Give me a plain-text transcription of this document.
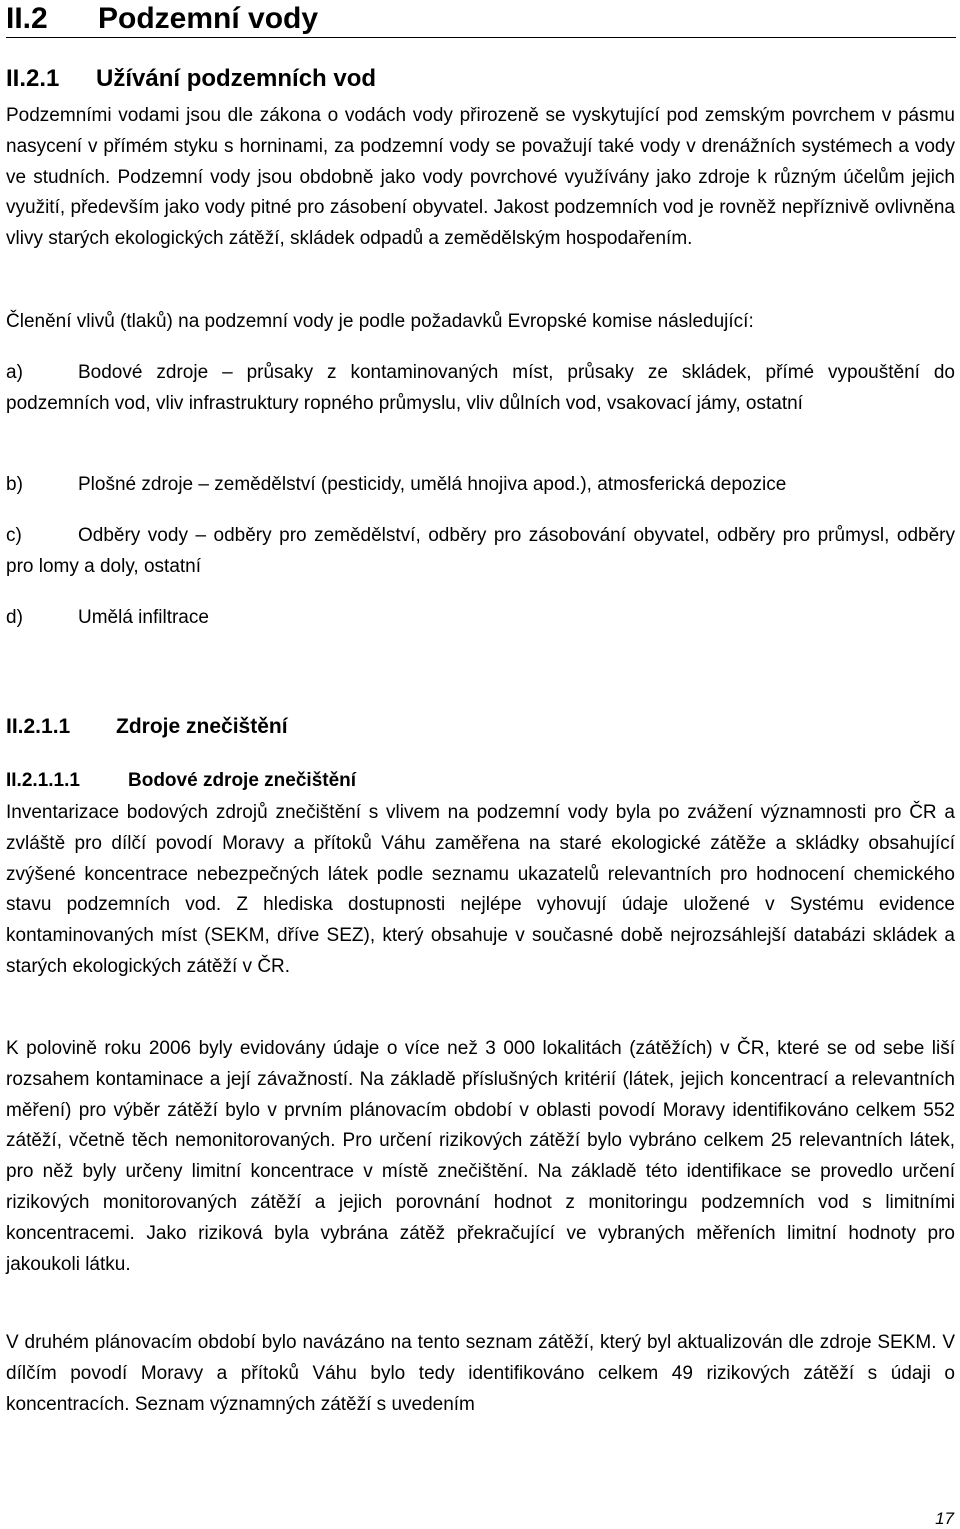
II.2 Podzemní vody
II.2.1 Užívání podzemních vod
Podzemními vodami jsou dle zákona o vodách vody přirozeně se vyskytující pod zemským povrchem v pásmu nasycení v přímém styku s horninami, za podzemní vody se považují také vody v drenážních systémech a vody ve studních. Podzemní vody jsou obdobně jako vody povrchové využívány jako zdroje k různým účelům jejich využití, především jako vody pitné pro zásobení obyvatel. Jakost podzemních vod je rovněž nepříznivě ovlivněna vlivy starých ekologických zátěží, skládek odpadů a zemědělským hospodařením.
Členění vlivů (tlaků) na podzemní vody je podle požadavků Evropské komise následující:
a)	Bodové zdroje – průsaky z kontaminovaných míst, průsaky ze skládek, přímé vypouštění do podzemních vod, vliv infrastruktury ropného průmyslu, vliv důlních vod, vsakovací jámy, ostatní
b)	Plošné zdroje – zemědělství (pesticidy, umělá hnojiva apod.), atmosferická depozice
c)	Odběry vody – odběry pro zemědělství, odběry pro zásobování obyvatel, odběry pro průmysl, odběry pro lomy a doly, ostatní
d)	Umělá infiltrace
II.2.1.1 Zdroje znečištění
II.2.1.1.1	Bodové zdroje znečištění
Inventarizace bodových zdrojů znečištění s vlivem na podzemní vody byla po zvážení významnosti pro ČR a zvláště pro dílčí povodí Moravy a přítoků Váhu zaměřena na staré ekologické zátěže a skládky obsahující zvýšené koncentrace nebezpečných látek podle seznamu ukazatelů relevantních pro hodnocení chemického stavu podzemních vod. Z hlediska dostupnosti nejlépe vyhovují údaje uložené v Systému evidence kontaminovaných míst (SEKM, dříve SEZ), který obsahuje v současné době nejrozsáhlejší databázi skládek a starých ekologických zátěží v ČR.
K polovině roku 2006 byly evidovány údaje o více než 3 000 lokalitách (zátěžích) v ČR, které se od sebe liší rozsahem kontaminace a její závažností. Na základě příslušných kritérií (látek, jejich koncentrací a relevantních měření) pro výběr zátěží bylo v prvním plánovacím období v oblasti povodí Moravy identifikováno celkem 552 zátěží, včetně těch nemonitorovaných. Pro určení rizikových zátěží bylo vybráno celkem 25 relevantních látek, pro něž byly určeny limitní koncentrace v místě znečištění. Na základě této identifikace se provedlo určení rizikových monitorovaných zátěží a jejich porovnání hodnot z monitoringu podzemních vod s limitními koncentracemi. Jako riziková byla vybrána zátěž překračující ve vybraných měřeních limitní hodnoty pro jakoukoli látku.
V druhém plánovacím období bylo navázáno na tento seznam zátěží, který byl aktualizován dle zdroje SEKM. V dílčím povodí Moravy a přítoků Váhu bylo tedy identifikováno celkem 49 rizikových zátěží s údaji o koncentracích. Seznam významných zátěží s uvedením
17
